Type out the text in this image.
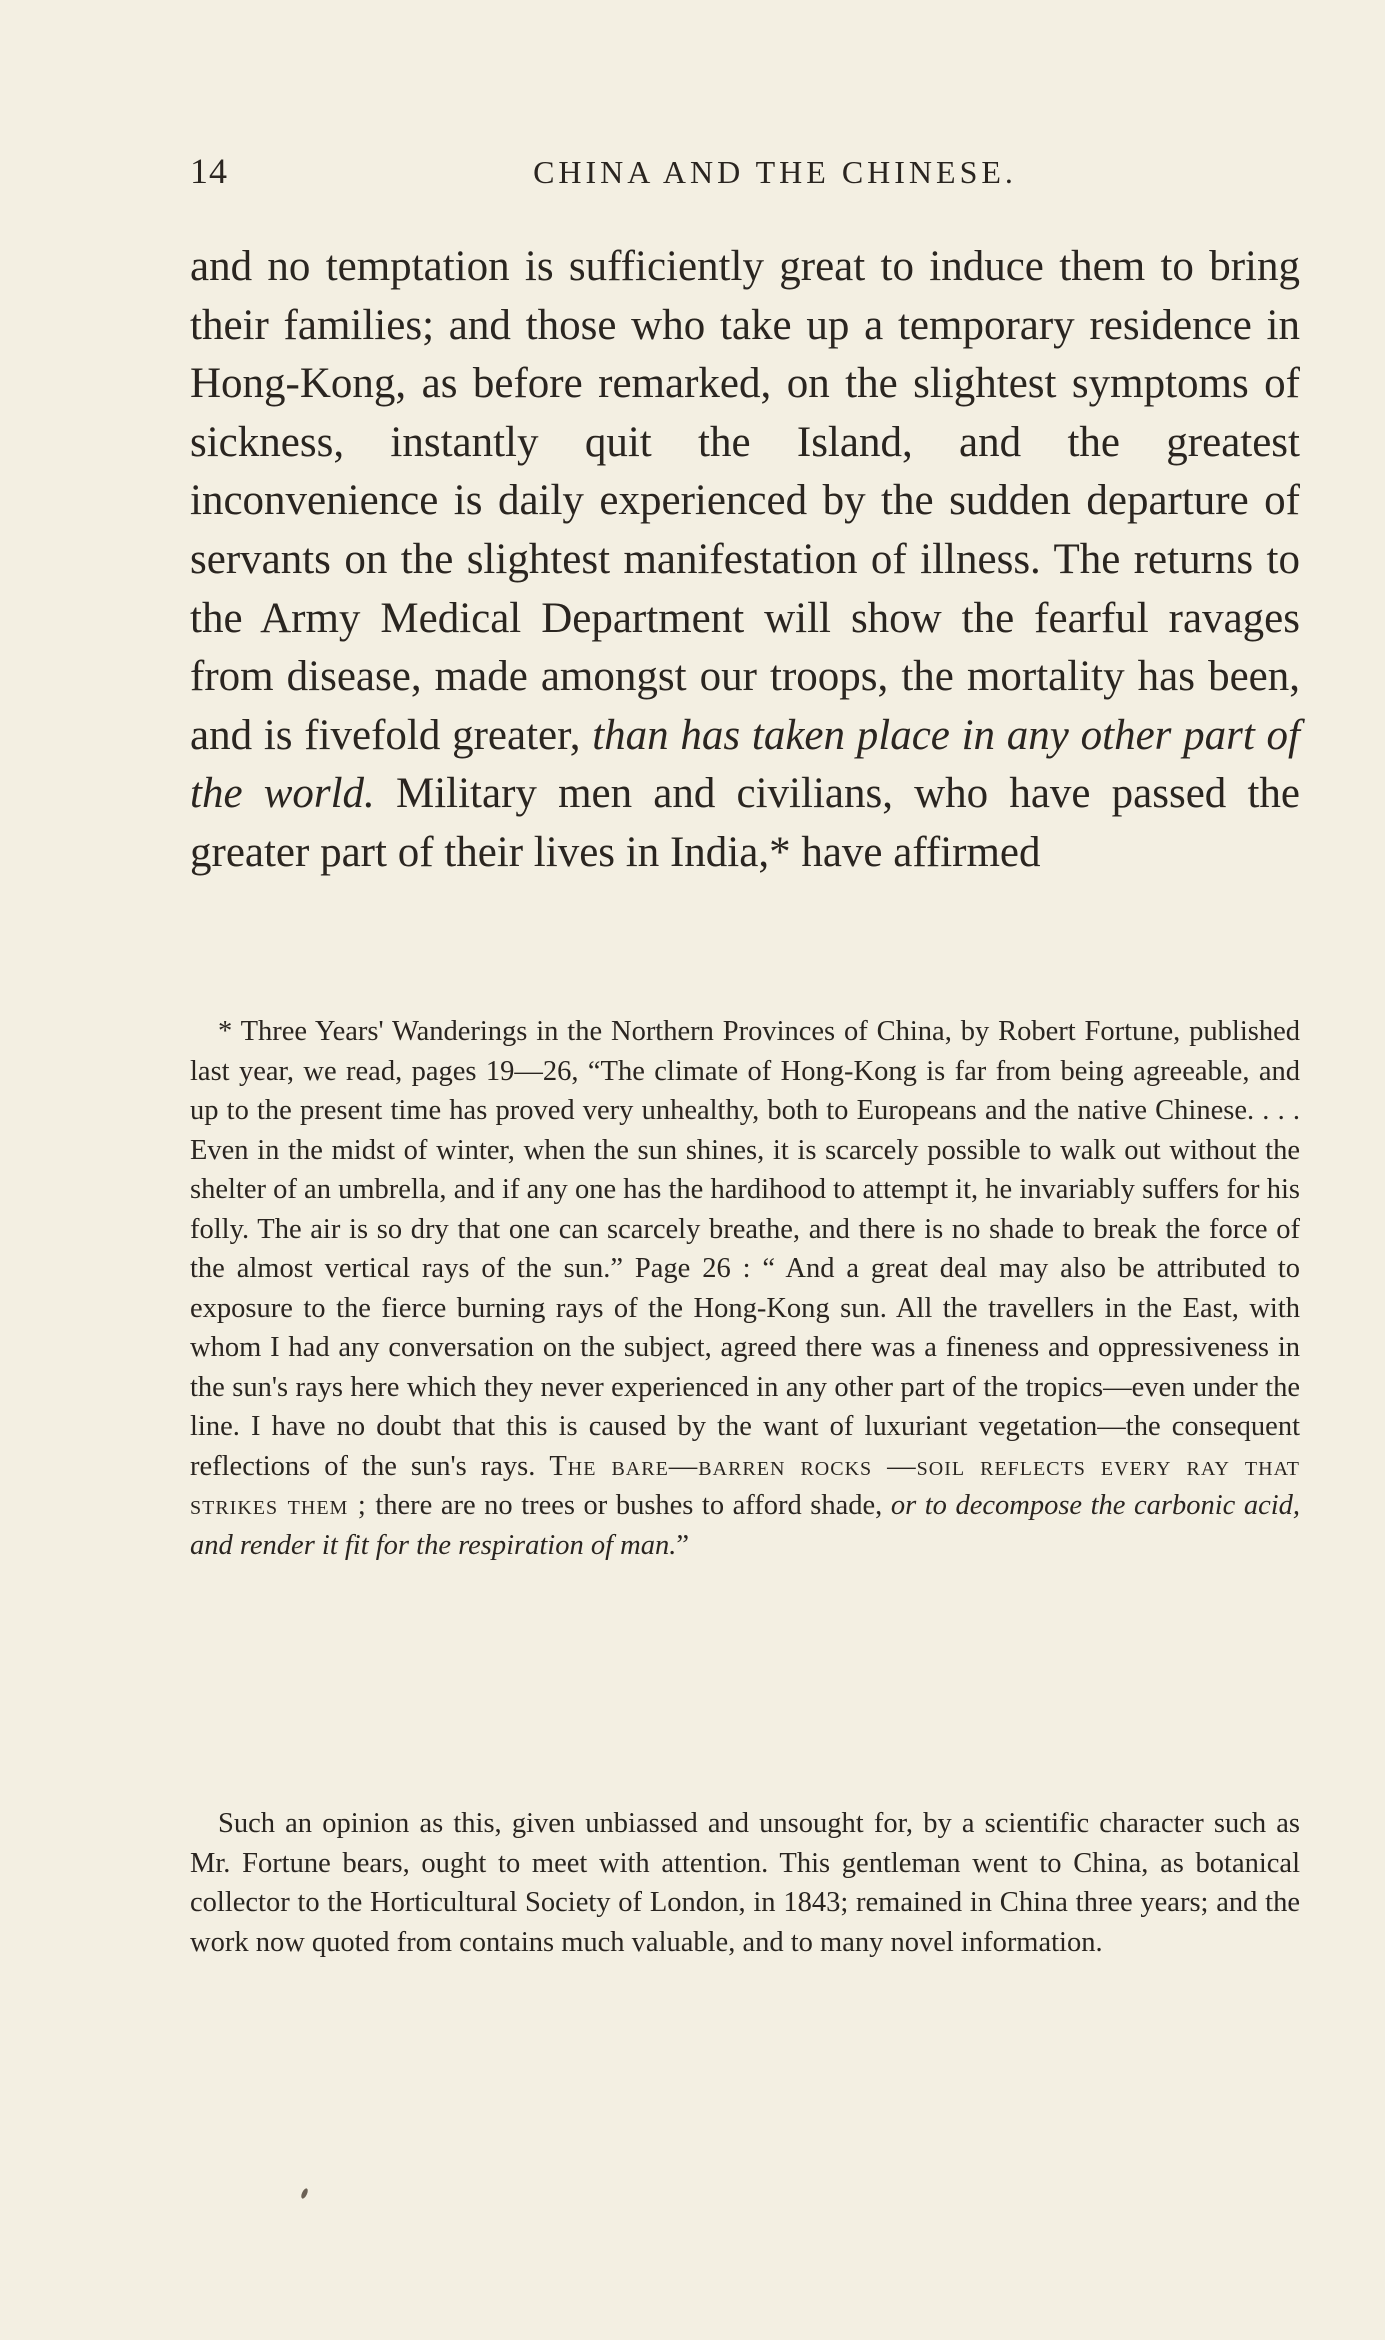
14	CHINA AND THE CHINESE.

and no temptation is sufficiently great to induce them to bring their families; and those who take up a temporary residence in Hong-Kong, as before remarked, on the slightest symptoms of sickness, instantly quit the Island, and the greatest inconvenience is daily experienced by the sudden departure of servants on the slightest manifestation of illness. The returns to the Army Medical Department will show the fearful ravages from disease, made amongst our troops, the mortality has been, and is fivefold greater, than has taken place in any other part of the world. Military men and civilians, who have passed the greater part of their lives in India,* have affirmed

* Three Years' Wanderings in the Northern Provinces of China, by Robert Fortune, published last year, we read, pages 19—26, “The climate of Hong-Kong is far from being agreeable, and up to the present time has proved very unhealthy, both to Europeans and the native Chinese. . . . Even in the midst of winter, when the sun shines, it is scarcely possible to walk out without the shelter of an umbrella, and if any one has the hardihood to attempt it, he invariably suffers for his folly. The air is so dry that one can scarcely breathe, and there is no shade to break the force of the almost vertical rays of the sun.” Page 26 : “ And a great deal may also be attributed to exposure to the fierce burning rays of the Hong-Kong sun. All the travellers in the East, with whom I had any conversation on the subject, agreed there was a fineness and oppressiveness in the sun's rays here which they never experienced in any other part of the tropics—even under the line. I have no doubt that this is caused by the want of luxuriant vegetation—the consequent reflections of the sun's rays. The bare—barren rocks —soil reflects every ray that strikes them ; there are no trees or bushes to afford shade, or to decompose the carbonic acid, and render it fit for the respiration of man.”

Such an opinion as this, given unbiassed and unsought for, by a scientific character such as Mr. Fortune bears, ought to meet with attention. This gentleman went to China, as botanical collector to the Horticultural Society of London, in 1843; remained in China three years; and the work now quoted from contains much valuable, and to many novel information.
